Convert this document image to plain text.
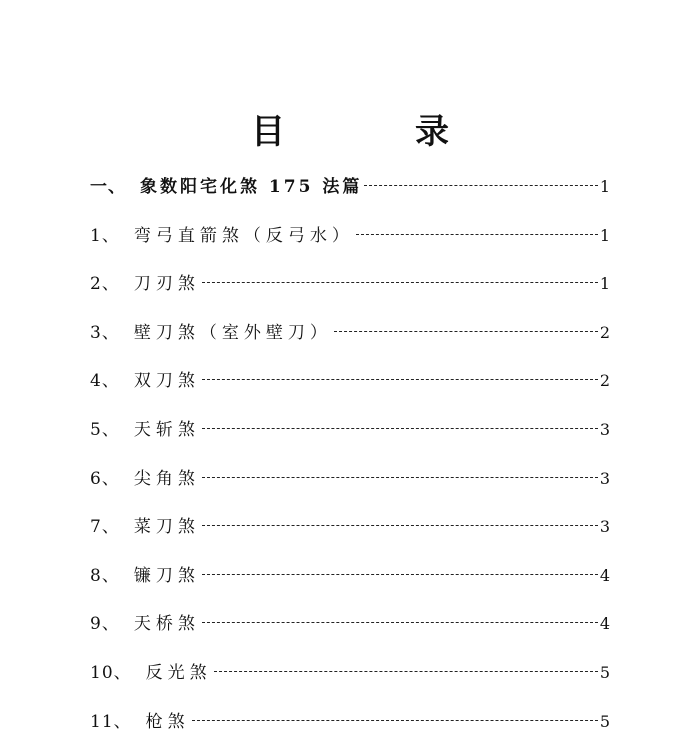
目　录
一、 象数阳宅化煞 175 法篇	1
1、 弯弓直箭煞（反弓水）	1
2、 刀刃煞	1
3、 壁刀煞（室外壁刀）	2
4、 双刀煞	2
5、 天斩煞	3
6、 尖角煞	3
7、 菜刀煞	3
8、 镰刀煞	4
9、 天桥煞	4
10、 反光煞	5
11、 枪煞	5
